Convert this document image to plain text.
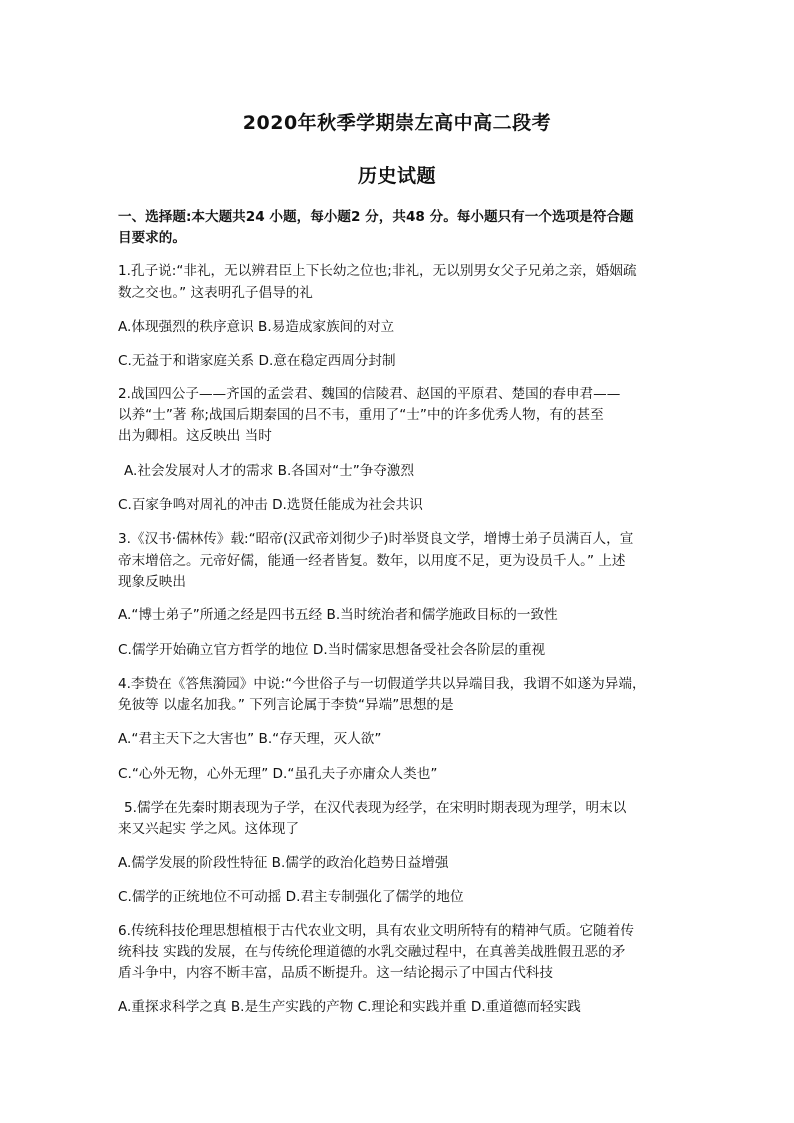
2020年秋季学期崇左高中高二段考
历史试题
一、选择题:本大题共24 小题，每小题2 分，共48 分。每小题只有一个选项是符合题
目要求的。
1.孔子说:“非礼，无以辨君臣上下长幼之位也;非礼，无以别男女父子兄弟之亲，婚姻疏
数之交也。” 这表明孔子倡导的礼
A.体现强烈的秩序意识 B.易造成家族间的对立
C.无益于和谐家庭关系 D.意在稳定西周分封制
2.战国四公子——齐国的孟尝君、魏国的信陵君、赵国的平原君、楚国的春申君——
以养“士”著 称;战国后期秦国的吕不韦，重用了“士”中的许多优秀人物，有的甚至
出为卿相。这反映出 当时
A.社会发展对人才的需求 B.各国对“士”争夺激烈
C.百家争鸣对周礼的冲击 D.选贤任能成为社会共识
3.《汉书·儒林传》载:“昭帝(汉武帝刘彻少子)时举贤良文学，增博士弟子员满百人，宣
帝末增倍之。元帝好儒，能通一经者皆复。数年，以用度不足，更为设员千人。” 上述
现象反映出
A.“博士弟子”所通之经是四书五经 B.当时统治者和儒学施政目标的一致性
C.儒学开始确立官方哲学的地位 D.当时儒家思想备受社会各阶层的重视
4.李贽在《答焦漪园》中说:“今世俗子与一切假道学共以异端目我，我谓不如遂为异端，
免彼等 以虚名加我。” 下列言论属于李贽“异端”思想的是
A.“君主天下之大害也” B.“存天理，灭人欲”
C.“心外无物，心外无理” D.“虽孔夫子亦庸众人类也”
5.儒学在先秦时期表现为子学，在汉代表现为经学，在宋明时期表现为理学，明末以
来又兴起实 学之风。这体现了
A.儒学发展的阶段性特征 B.儒学的政治化趋势日益增强
C.儒学的正统地位不可动摇 D.君主专制强化了儒学的地位
6.传统科技伦理思想植根于古代农业文明，具有农业文明所特有的精神气质。它随着传
统科技 实践的发展，在与传统伦理道德的水乳交融过程中，在真善美战胜假丑恶的矛
盾斗争中，内容不断丰富，品质不断提升。这一结论揭示了中国古代科技
A.重探求科学之真 B.是生产实践的产物 C.理论和实践并重 D.重道德而轻实践
